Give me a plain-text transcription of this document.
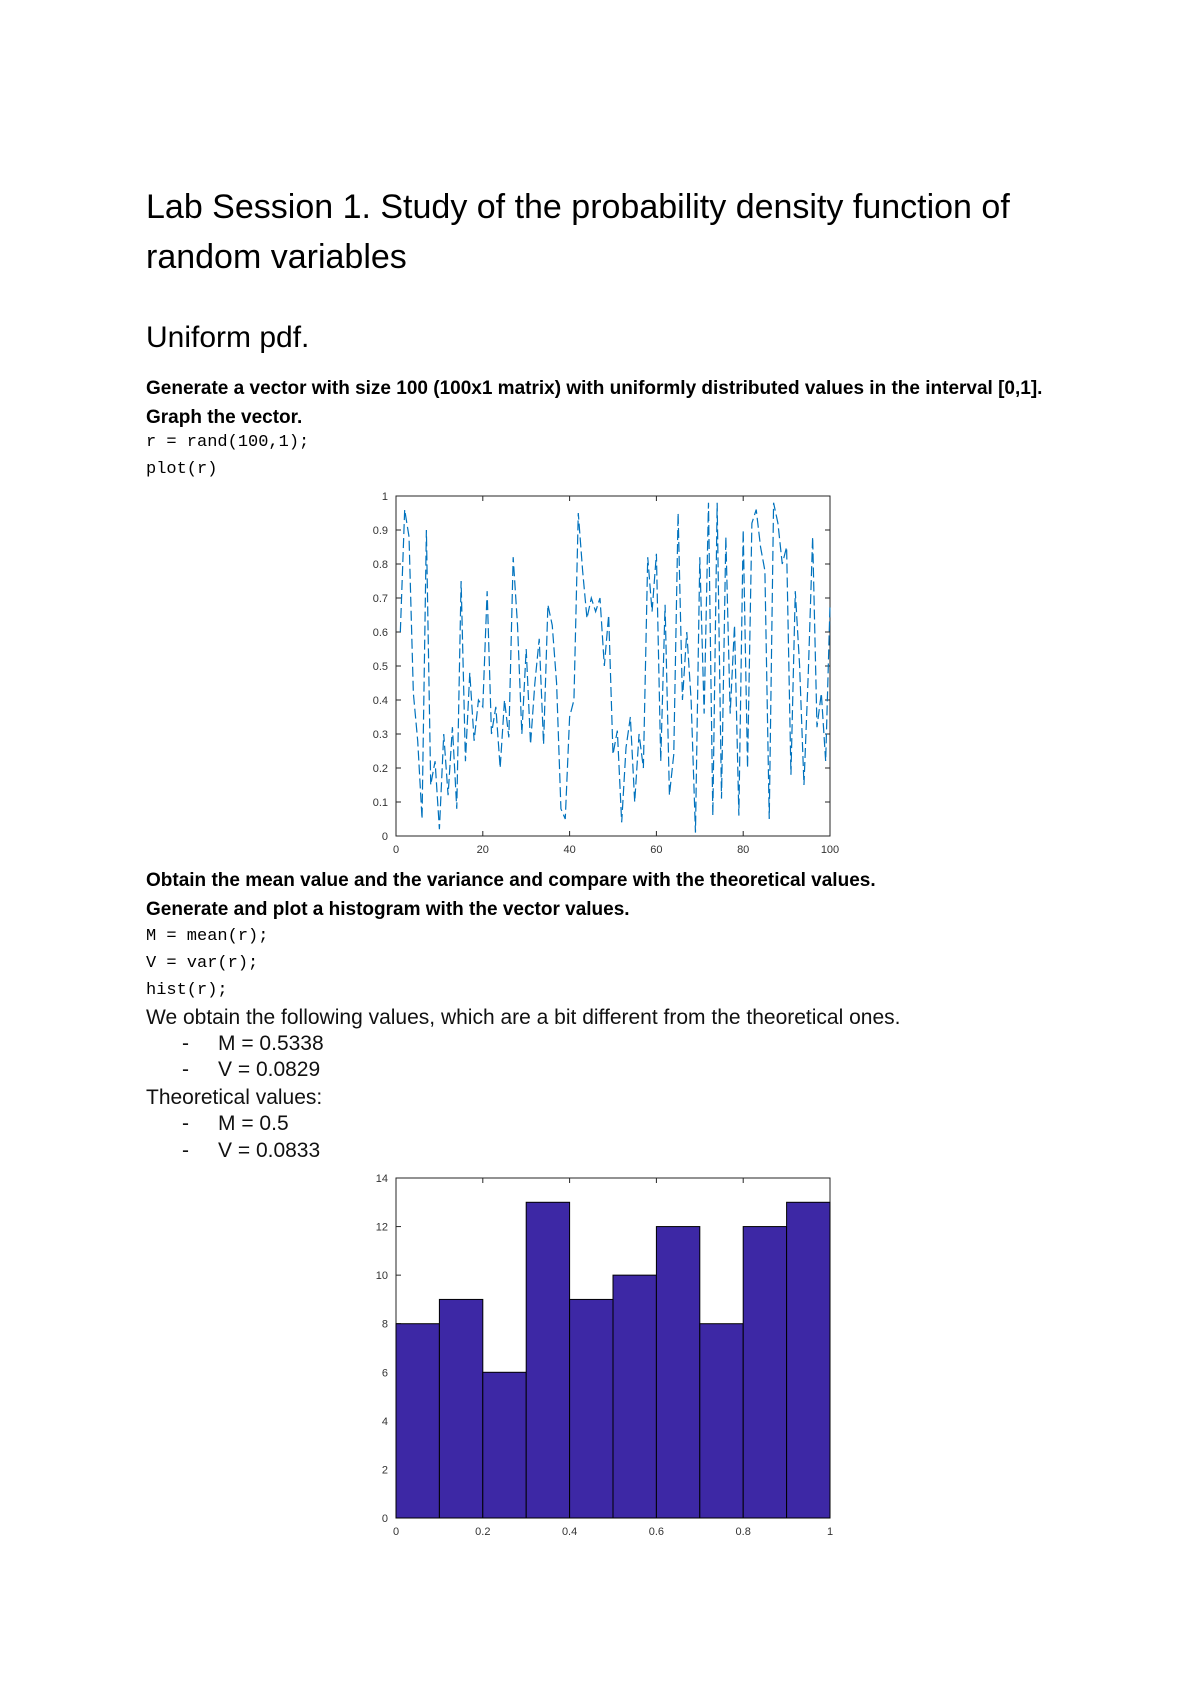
Lab Session 1. Study of the probability density function of random variables
Uniform pdf.

Generate a vector with size 100 (100x1 matrix) with uniformly distributed values in the interval [0,1]. Graph the vector.

r = rand(100,1);

plot(r)

0
0.1
0.2
0.3
0.4
0.5
0.6
0.7
0.8
0.9
1
0	20	40	60	80	100

Obtain the mean value and the variance and compare with the theoretical values.

Generate and plot a histogram with the vector values.

M = mean(r);

V = var(r);

hist(r);

We obtain the following values, which are a bit different from the theoretical ones.

- M = 0.5338

- V = 0.0829

Theoretical values:

- M = 0.5

- V = 0.0833

0
2
4
6
8
10
12
14
0	0.2	0.4	0.6	0.8	1
